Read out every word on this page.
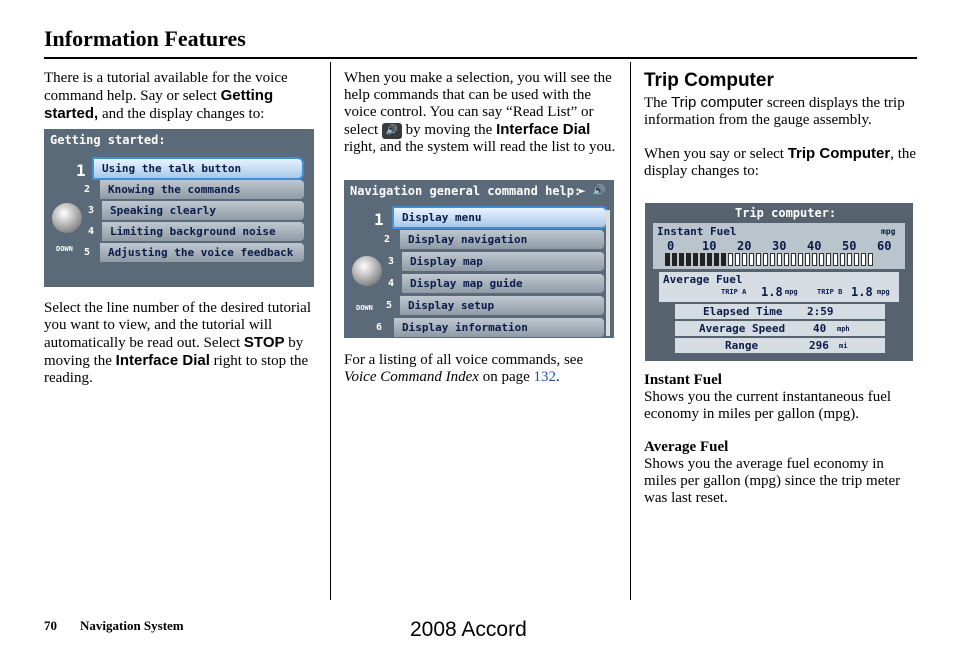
Information Features

There is a tutorial available for the voice command help. Say or select Getting started, and the display changes to:

Getting started:
1
DOWN
Using the talk button
2	Knowing the commands
3	Speaking clearly
4	Limiting background noise
5	Adjusting the voice feedback

Select the line number of the desired tutorial you want to view, and the tutorial will automatically be read out. Select STOP by moving the Interface Dial right to stop the reading.

When you make a selection, you will see the help commands that can be used with the voice control. You can say “Read List” or select 🔊 by moving the Interface Dial right, and the system will read the list to you.

Navigation general command help:
► 🔊
1
DOWN
Display menu
2	Display navigation
3	Display map
4	Display map guide
5	Display setup
6	Display information

For a listing of all voice commands, see Voice Command Index on page 132.

Trip Computer

The Trip computer screen displays the trip information from the gauge assembly.

When you say or select Trip Computer, the display changes to:

Trip computer:
Instant Fuel	mpg
0 10 20 30 40 50 60
Average Fuel
TRIP A 1.8 mpg	TRIP B 1.8 mpg
Elapsed Time 2:59
Average Speed	40 mph
Range	296 mi

Instant Fuel

Shows you the current instantaneous fuel economy in miles per gallon (mpg).

Average Fuel

Shows you the average fuel economy in miles per gallon (mpg) since the trip meter was last reset.

70 Navigation System	2008 Accord
